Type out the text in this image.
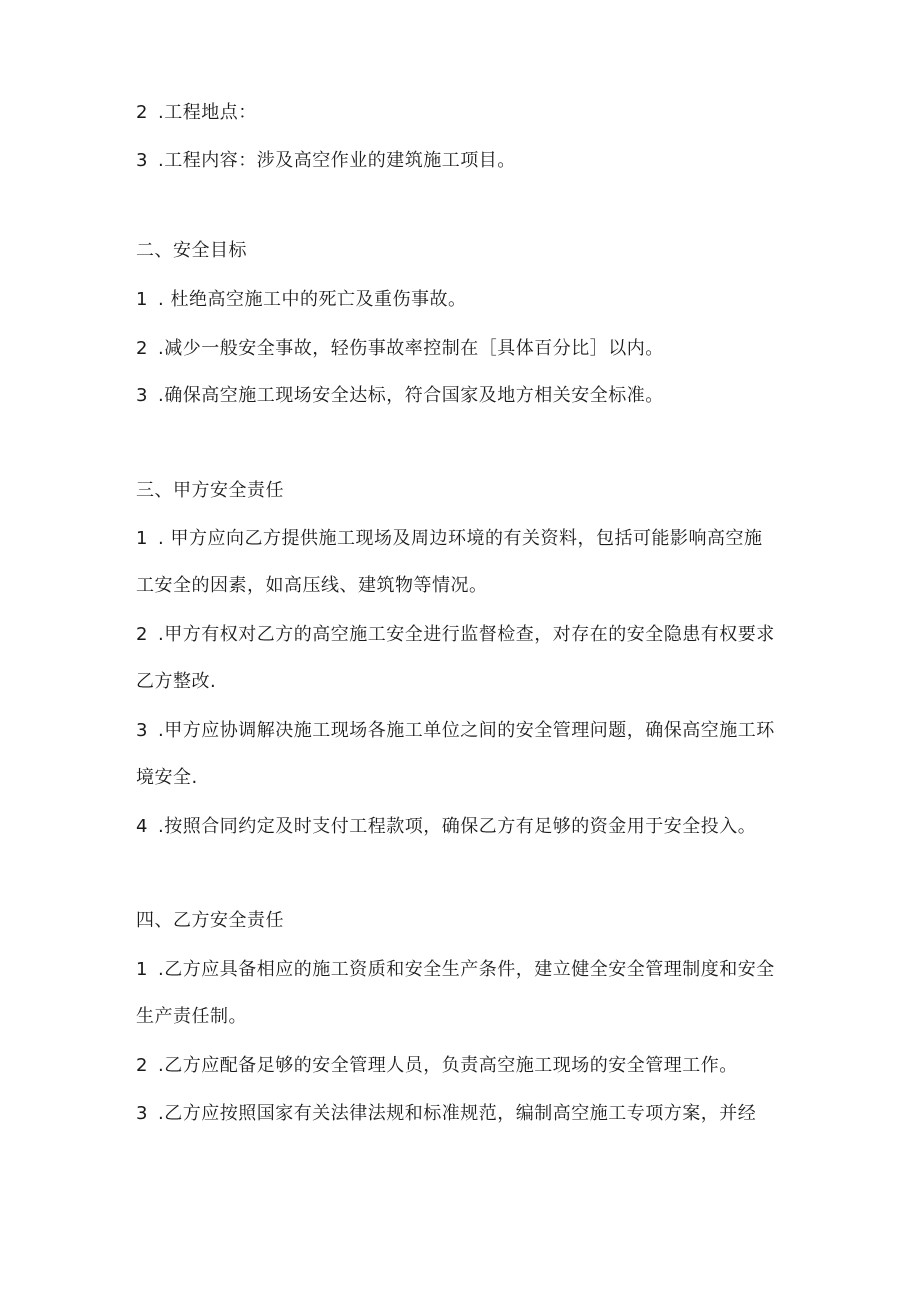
2 .工程地点：
3 .工程内容：涉及高空作业的建筑施工项目。
二、安全目标
1 . 杜绝高空施工中的死亡及重伤事故。
2 .减少一般安全事故，轻伤事故率控制在［具体百分比］以内。
3 .确保高空施工现场安全达标，符合国家及地方相关安全标准。
三、甲方安全责任
1 . 甲方应向乙方提供施工现场及周边环境的有关资料，包括可能影响高空施
工安全的因素，如高压线、建筑物等情况。
2 .甲方有权对乙方的高空施工安全进行监督检查，对存在的安全隐患有权要求
乙方整改.
3 .甲方应协调解决施工现场各施工单位之间的安全管理问题，确保高空施工环
境安全.
4 .按照合同约定及时支付工程款项，确保乙方有足够的资金用于安全投入。
四、乙方安全责任
1 .乙方应具备相应的施工资质和安全生产条件，建立健全安全管理制度和安全
生产责任制。
2 .乙方应配备足够的安全管理人员，负责高空施工现场的安全管理工作。
3 .乙方应按照国家有关法律法规和标准规范，编制高空施工专项方案，并经
